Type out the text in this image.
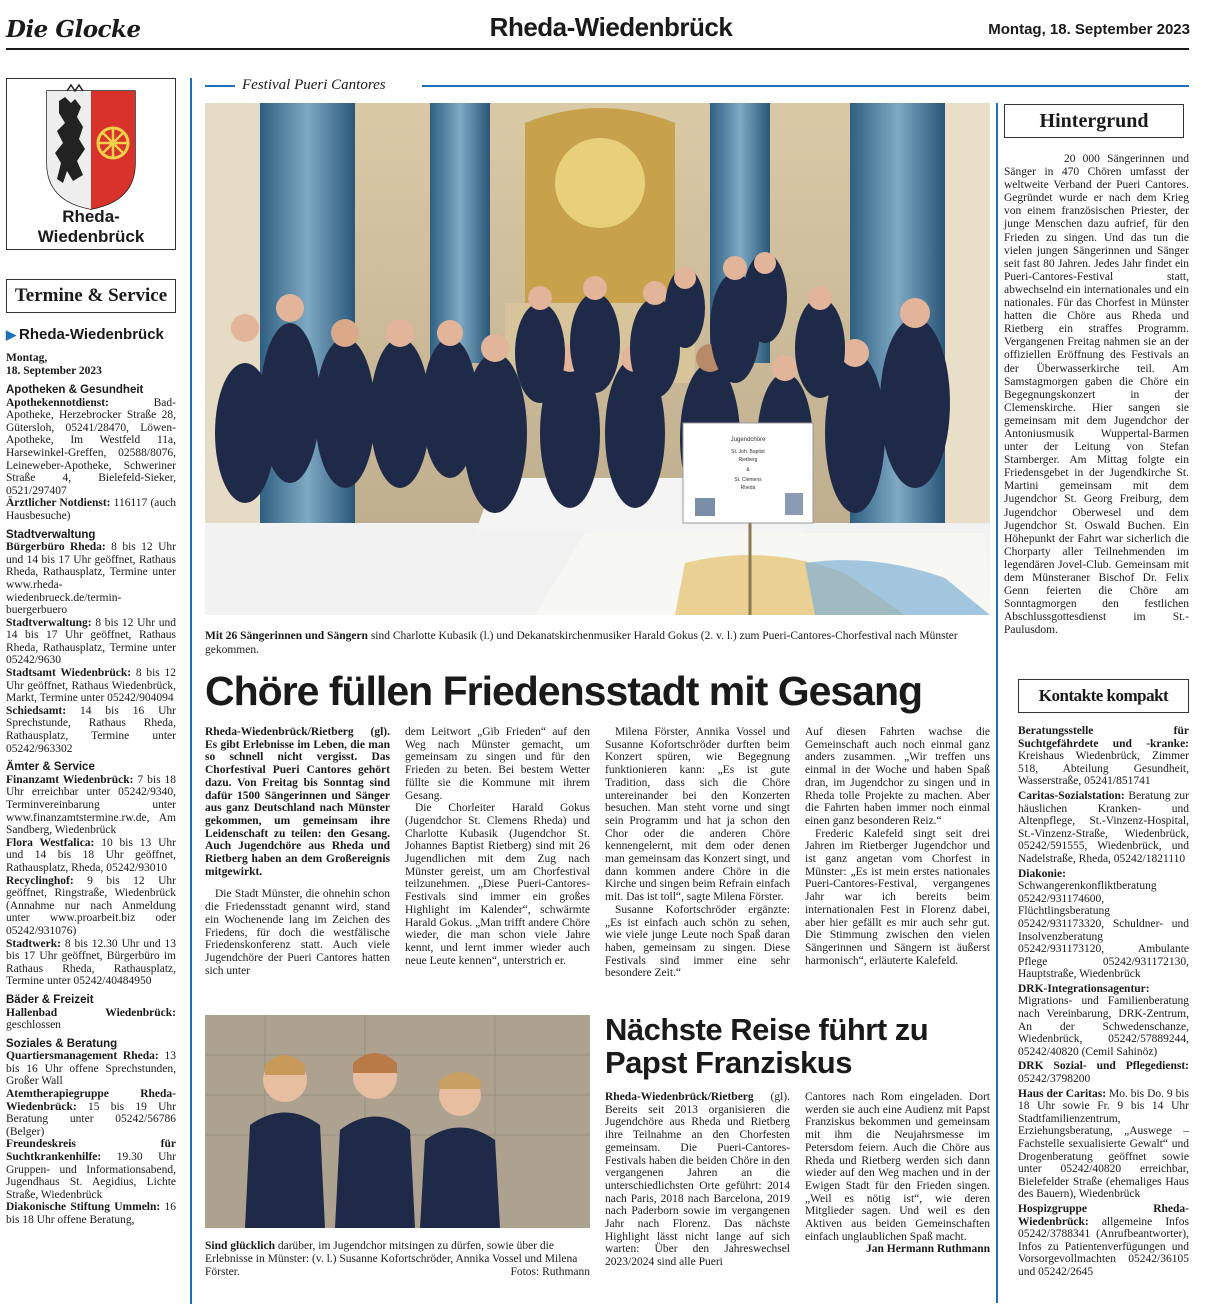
Die Glocke	Rheda-Wiedenbrück	Montag, 18. September 2023
Rheda-
Wiedenbrück
Termine & Service
▶ Rheda-Wiedenbrück
Montag,
18. September 2023
Apotheken & Gesundheit

Apothekennotdienst: Bad-Apotheke, Herzebrocker Straße 28, Gütersloh, 05241/28470, Löwen-Apotheke, Im Westfeld 11a, Harsewinkel-Greffen, 02588/8076, Leineweber-Apotheke, Schweriner Straße 4, Bielefeld-Sieker, 0521/297407

Ärztlicher Notdienst: 116117 (auch Hausbesuche)

Stadtverwaltung

Bürgerbüro Rheda: 8 bis 12 Uhr und 14 bis 17 Uhr geöffnet, Rathaus Rheda, Rathausplatz, Termine unter www.rheda-wiedenbrueck.de/termin-buergerbuero

Stadtverwaltung: 8 bis 12 Uhr und 14 bis 17 Uhr geöffnet, Rathaus Rheda, Rathausplatz, Termine unter 05242/9630

Stadtsamt Wiedenbrück: 8 bis 12 Uhr geöffnet, Rathaus Wiedenbrück, Markt, Termine unter 05242/904094

Schiedsamt: 14 bis 16 Uhr Sprechstunde, Rathaus Rheda, Rathausplatz, Termine unter 05242/963302

Ämter & Service

Finanzamt Wiedenbrück: 7 bis 18 Uhr erreichbar unter 05242/9340, Terminvereinbarung unter www.finanzamtstermine.rw.de, Am Sandberg, Wiedenbrück

Flora Westfalica: 10 bis 13 Uhr und 14 bis 18 Uhr geöffnet, Rathausplatz, Rheda, 05242/93010

Recyclinghof: 9 bis 12 Uhr geöffnet, Ringstraße, Wiedenbrück (Annahme nur nach Anmeldung unter www.proarbeit.biz oder 05242/931076)

Stadtwerk: 8 bis 12.30 Uhr und 13 bis 17 Uhr geöffnet, Bürgerbüro im Rathaus Rheda, Rathausplatz, Termine unter 05242/40484950

Bäder & Freizeit

Hallenbad Wiedenbrück: geschlossen

Soziales & Beratung

Quartiersmanagement Rheda: 13 bis 16 Uhr offene Sprechstunden, Großer Wall

Atemtherapiegruppe Rheda-Wiedenbrück: 15 bis 19 Uhr Beratung unter 05242/56786 (Belger)

Freundeskreis für Suchtkrankenhilfe: 19.30 Uhr Gruppen- und Informationsabend, Jugendhaus St. Aegidius, Lichte Straße, Wiedenbrück

Diakonische Stiftung Ummeln: 16 bis 18 Uhr offene Beratung,

Festival Pueri Cantores
Jugendchöre
St. Joh. Baptist
Rietberg
&
St. Clemens
Rheda
Mit 26 Sängerinnen und Sängern sind Charlotte Kubasik (l.) und Dekanatskirchenmusiker Harald Gokus (2. v. l.) zum Pueri-Cantores-Chorfestival nach Münster gekommen.
Hintergrund
20 000 Sängerinnen und Sänger in 470 Chören umfasst der weltweite Verband der Pueri Cantores. Gegründet wurde er nach dem Krieg von einem französischen Priester, der junge Menschen dazu aufrief, für den Frieden zu singen. Und das tun die vielen jungen Sängerinnen und Sänger seit fast 80 Jahren. Jedes Jahr findet ein Pueri-Cantores-Festival statt, abwechselnd ein internationales und ein nationales. Für das Chorfest in Münster hatten die Chöre aus Rheda und Rietberg ein straffes Programm. Vergangenen Freitag nahmen sie an der offiziellen Eröffnung des Festivals an der Überwasserkirche teil. Am Samstagmorgen gaben die Chöre ein Begegnungskonzert in der Clemenskirche. Hier sangen sie gemeinsam mit dem Jugendchor der Antoniusmusik Wuppertal-Barmen unter der Leitung von Stefan Starnberger. Am Mittag folgte ein Friedensgebet in der Jugendkirche St. Martini gemeinsam mit dem Jugendchor St. Georg Freiburg, dem Jugendchor Oberwesel und dem Jugendchor St. Oswald Buchen. Ein Höhepunkt der Fahrt war sicherlich die Chorparty aller Teilnehmenden im legendären Jovel-Club. Gemeinsam mit dem Münsteraner Bischof Dr. Felix Genn feierten die Chöre am Sonntagmorgen den festlichen Abschlussgottesdienst im St.-Paulusdom.
Chöre füllen Friedensstadt mit Gesang

Rheda-Wiedenbrück/Rietberg (gl). Es gibt Erlebnisse im Leben, die man so schnell nicht vergisst. Das Chorfestival Pueri Cantores gehört dazu. Von Freitag bis Sonntag sind dafür 1500 Sängerinnen und Sänger aus ganz Deutschland nach Münster gekommen, um gemeinsam ihre Leidenschaft zu teilen: den Gesang. Auch Jugendchöre aus Rheda und Rietberg haben an dem Großereignis mitgewirkt.

Die Stadt Münster, die ohnehin schon die Friedensstadt genannt wird, stand ein Wochenende lang im Zeichen des Friedens, für doch die westfälische Friedenskonferenz statt. Auch viele Jugendchöre der Pueri Cantores hatten sich unter

dem Leitwort „Gib Frieden“ auf den Weg nach Münster gemacht, um gemeinsam zu singen und für den Frieden zu beten. Bei bestem Wetter füllte sie die Kommune mit ihrem Gesang.

Die Chorleiter Harald Gokus (Jugendchor St. Clemens Rheda) und Charlotte Kubasik (Jugendchor St. Johannes Baptist Rietberg) sind mit 26 Jugendlichen mit dem Zug nach Münster gereist, um am Chorfestival teilzunehmen. „Diese Pueri-Cantores-Festivals sind immer ein großes Highlight im Kalender“, schwärmte Harald Gokus. „Man trifft andere Chöre wieder, die man schon viele Jahre kennt, und lernt immer wieder auch neue Leute kennen“, unterstrich er.

Milena Förster, Annika Vossel und Susanne Kofortschröder durften beim Konzert spüren, wie Begegnung funktionieren kann: „Es ist gute Tradition, dass sich die Chöre untereinander bei den Konzerten besuchen. Man steht vorne und singt sein Programm und hat ja schon den Chor oder die anderen Chöre kennengelernt, mit dem oder denen man gemeinsam das Konzert singt, und dann kommen andere Chöre in die Kirche und singen beim Refrain einfach mit. Das ist toll“, sagte Milena Förster.

Susanne Kofortschröder ergänzte: „Es ist einfach auch schön zu sehen, wie viele junge Leute noch Spaß daran haben, gemeinsam zu singen. Diese Festivals sind immer eine sehr besondere Zeit.“

Auf diesen Fahrten wachse die Gemeinschaft auch noch einmal ganz anders zusammen. „Wir treffen uns einmal in der Woche und haben Spaß dran, im Jugendchor zu singen und in Rheda tolle Projekte zu machen. Aber die Fahrten haben immer noch einmal einen ganz besonderen Reiz.“

Frederic Kalefeld singt seit drei Jahren im Rietberger Jugendchor und ist ganz angetan vom Chorfest in Münster: „Es ist mein erstes nationales Pueri-Cantores-Festival, vergangenes Jahr war ich bereits beim internationalen Fest in Florenz dabei, aber hier gefällt es mir auch sehr gut. Die Stimmung zwischen den vielen Sängerinnen und Sängern ist äußerst harmonisch“, erläuterte Kalefeld.

Sind glücklich darüber, im Jugendchor mitsingen zu dürfen, sowie über die Erlebnisse in Münster: (v. l.) Susanne Kofortschröder, Annika Vossel und Milena Förster.	Fotos: Ruthmann
Nächste Reise führt zu Papst Franziskus

Rheda-Wiedenbrück/Rietberg (gl). Bereits seit 2013 organisieren die Jugendchöre aus Rheda und Rietberg ihre Teilnahme an den Chorfesten gemeinsam. Die Pueri-Cantores-Festivals haben die beiden Chöre in den vergangenen Jahren an die unterschiedlichsten Orte geführt: 2014 nach Paris, 2018 nach Barcelona, 2019 nach Paderborn sowie im vergangenen Jahr nach Florenz. Das nächste Highlight lässt nicht lange auf sich warten: Über den Jahreswechsel 2023/2024 sind alle Pueri

Cantores nach Rom eingeladen. Dort werden sie auch eine Audienz mit Papst Franziskus bekommen und gemeinsam mit ihm die Neujahrsmesse im Petersdom feiern. Auch die Chöre aus Rheda und Rietberg werden sich dann wieder auf den Weg machen und in der Ewigen Stadt für den Frieden singen. „Weil es nötig ist“, wie deren Mitglieder sagen. Und weil es den Aktiven aus beiden Gemeinschaften einfach unglaublichen Spaß macht.

Jan Hermann Ruthmann

Kontakte kompakt

Beratungsstelle für Suchtgefährdete und -kranke: Kreishaus Wiedenbrück, Zimmer 518, Abteilung Gesundheit, Wasserstraße, 05241/851741

Caritas-Sozialstation: Beratung zur häuslichen Kranken- und Altenpflege, St.-Vinzenz-Hospital, St.-Vinzenz-Straße, Wiedenbrück, 05242/591555, Wiedenbrück, und Nadelstraße, Rheda, 05242/1821110

Diakonie: Schwangerenkonfliktberatung 05242/931174600, Flüchtlingsberatung 05242/931173320, Schuldner- und Insolvenzberatung 05242/931173120, Ambulante Pflege 05242/931172130, Hauptstraße, Wiedenbrück

DRK-Integrationsagentur: Migrations- und Familienberatung nach Vereinbarung, DRK-Zentrum, An der Schwedenschanze, Wiedenbrück, 05242/57889244, 05242/40820 (Cemil Sahinöz)

DRK Sozial- und Pflegedienst: 05242/3798200

Haus der Caritas: Mo. bis Do. 9 bis 18 Uhr sowie Fr. 9 bis 14 Uhr Stadtfamilienzentrum, Erziehungsberatung, „Auswege – Fachstelle sexualisierte Gewalt“ und Drogenberatung geöffnet sowie unter 05242/40820 erreichbar, Bielefelder Straße (ehemaliges Haus des Bauern), Wiedenbrück

Hospizgruppe Rheda-Wiedenbrück: allgemeine Infos 05242/3788341 (Anrufbeantworter), Infos zu Patientenverfügungen und Vorsorgevollmachten 05242/36105 und 05242/2645
